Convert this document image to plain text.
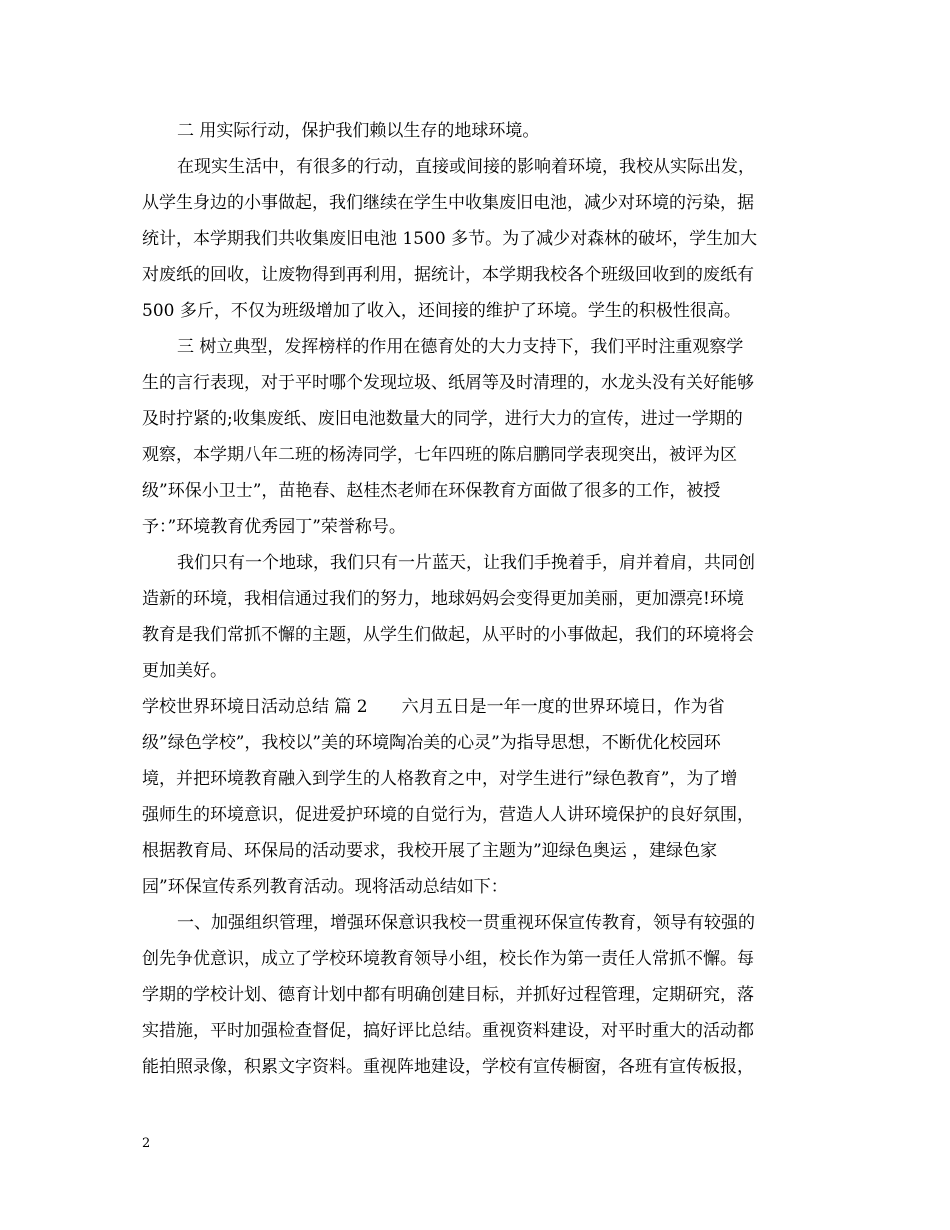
二 用实际行动，保护我们赖以生存的地球环境。
在现实生活中，有很多的行动，直接或间接的影响着环境，我校从实际出发，
从学生身边的小事做起，我们继续在学生中收集废旧电池，减少对环境的污染，据
统计，本学期我们共收集废旧电池 1500 多节。为了减少对森林的破坏，学生加大
对废纸的回收，让废物得到再利用，据统计，本学期我校各个班级回收到的废纸有
500 多斤，不仅为班级增加了收入，还间接的维护了环境。学生的积极性很高。
三 树立典型，发挥榜样的作用在德育处的大力支持下，我们平时注重观察学
生的言行表现，对于平时哪个发现垃圾、纸屑等及时清理的，水龙头没有关好能够
及时拧紧的;收集废纸、废旧电池数量大的同学，进行大力的宣传，进过一学期的
观察，本学期八年二班的杨涛同学，七年四班的陈启鹏同学表现突出，被评为区
级”环保小卫士”，苗艳春、赵桂杰老师在环保教育方面做了很多的工作，被授
予：”环境教育优秀园丁”荣誉称号。
我们只有一个地球，我们只有一片蓝天，让我们手挽着手，肩并着肩，共同创
造新的环境，我相信通过我们的努力，地球妈妈会变得更加美丽，更加漂亮!环境
教育是我们常抓不懈的主题，从学生们做起，从平时的小事做起，我们的环境将会
更加美好。
学校世界环境日活动总结 篇 2　　六月五日是一年一度的世界环境日，作为省
级”绿色学校”，我校以”美的环境陶冶美的心灵”为指导思想，不断优化校园环
境，并把环境教育融入到学生的人格教育之中，对学生进行”绿色教育”，为了增
强师生的环境意识，促进爱护环境的自觉行为，营造人人讲环境保护的良好氛围，
根据教育局、环保局的活动要求，我校开展了主题为”迎绿色奥运 ，建绿色家
园”环保宣传系列教育活动。现将活动总结如下：
一、加强组织管理，增强环保意识我校一贯重视环保宣传教育，领导有较强的
创先争优意识，成立了学校环境教育领导小组，校长作为第一责任人常抓不懈。每
学期的学校计划、德育计划中都有明确创建目标，并抓好过程管理，定期研究，落
实措施，平时加强检查督促，搞好评比总结。重视资料建设，对平时重大的活动都
能拍照录像，积累文字资料。重视阵地建设，学校有宣传橱窗，各班有宣传板报，
2
